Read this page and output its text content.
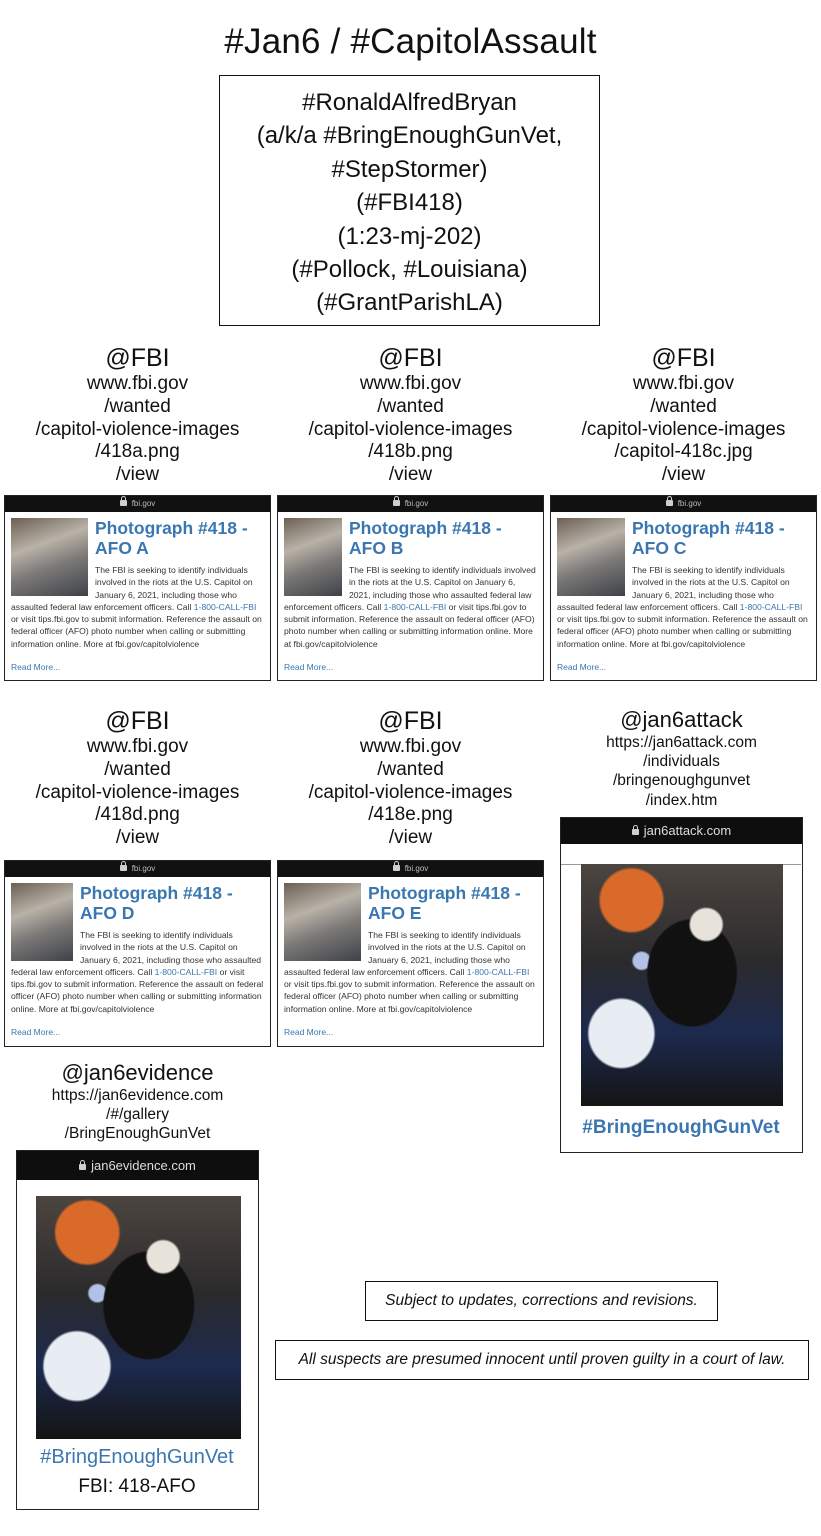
#Jan6 / #CapitolAssault
#RonaldAlfredBryan
(a/k/a #BringEnoughGunVet,
#StepStormer)
(#FBI418)
(1:23-mj-202)
(#Pollock, #Louisiana)
(#GrantParishLA)
@FBI
www.fbi.gov
/wanted
/capitol-violence-images
/418a.png
/view
@FBI
www.fbi.gov
/wanted
/capitol-violence-images
/418b.png
/view
@FBI
www.fbi.gov
/wanted
/capitol-violence-images
/capitol-418c.jpg
/view
fbi.gov
Photograph #418 -
AFO A
The FBI is seeking to identify individuals involved in the riots at the U.S. Capitol on January 6, 2021, including those who assaulted federal law enforcement officers. Call 1-800-CALL-FBI or visit tips.fbi.gov to submit information. Reference the assault on federal officer (AFO) photo number when calling or submitting information online. More at fbi.gov/capitolviolence
Read More...
fbi.gov
Photograph #418 -
AFO B
The FBI is seeking to identify individuals involved in the riots at the U.S. Capitol on January 6, 2021, including those who assaulted federal law enforcement officers. Call 1-800-CALL-FBI or visit tips.fbi.gov to submit information. Reference the assault on federal officer (AFO) photo number when calling or submitting information online. More at fbi.gov/capitolviolence
Read More...
fbi.gov
Photograph #418 -
AFO C
The FBI is seeking to identify individuals involved in the riots at the U.S. Capitol on January 6, 2021, including those who assaulted federal law enforcement officers. Call 1-800-CALL-FBI or visit tips.fbi.gov to submit information. Reference the assault on federal officer (AFO) photo number when calling or submitting information online. More at fbi.gov/capitolviolence
Read More...
@FBI
www.fbi.gov
/wanted
/capitol-violence-images
/418d.png
/view
@FBI
www.fbi.gov
/wanted
/capitol-violence-images
/418e.png
/view
@jan6attack
https://jan6attack.com
/individuals
/bringenoughgunvet
/index.htm
fbi.gov
Photograph #418 -
AFO D
The FBI is seeking to identify individuals involved in the riots at the U.S. Capitol on January 6, 2021, including those who assaulted federal law enforcement officers. Call 1-800-CALL-FBI or visit tips.fbi.gov to submit information. Reference the assault on federal officer (AFO) photo number when calling or submitting information online. More at fbi.gov/capitolviolence
Read More...
fbi.gov
Photograph #418 -
AFO E
The FBI is seeking to identify individuals involved in the riots at the U.S. Capitol on January 6, 2021, including those who assaulted federal law enforcement officers. Call 1-800-CALL-FBI or visit tips.fbi.gov to submit information. Reference the assault on federal officer (AFO) photo number when calling or submitting information online. More at fbi.gov/capitolviolence
Read More...
jan6attack.com
#BringEnoughGunVet
@jan6evidence
https://jan6evidence.com
/#/gallery
/BringEnoughGunVet
jan6evidence.com
#BringEnoughGunVet
FBI: 418-AFO
Subject to updates, corrections and revisions.
All suspects are presumed innocent until proven guilty in a court of law.
